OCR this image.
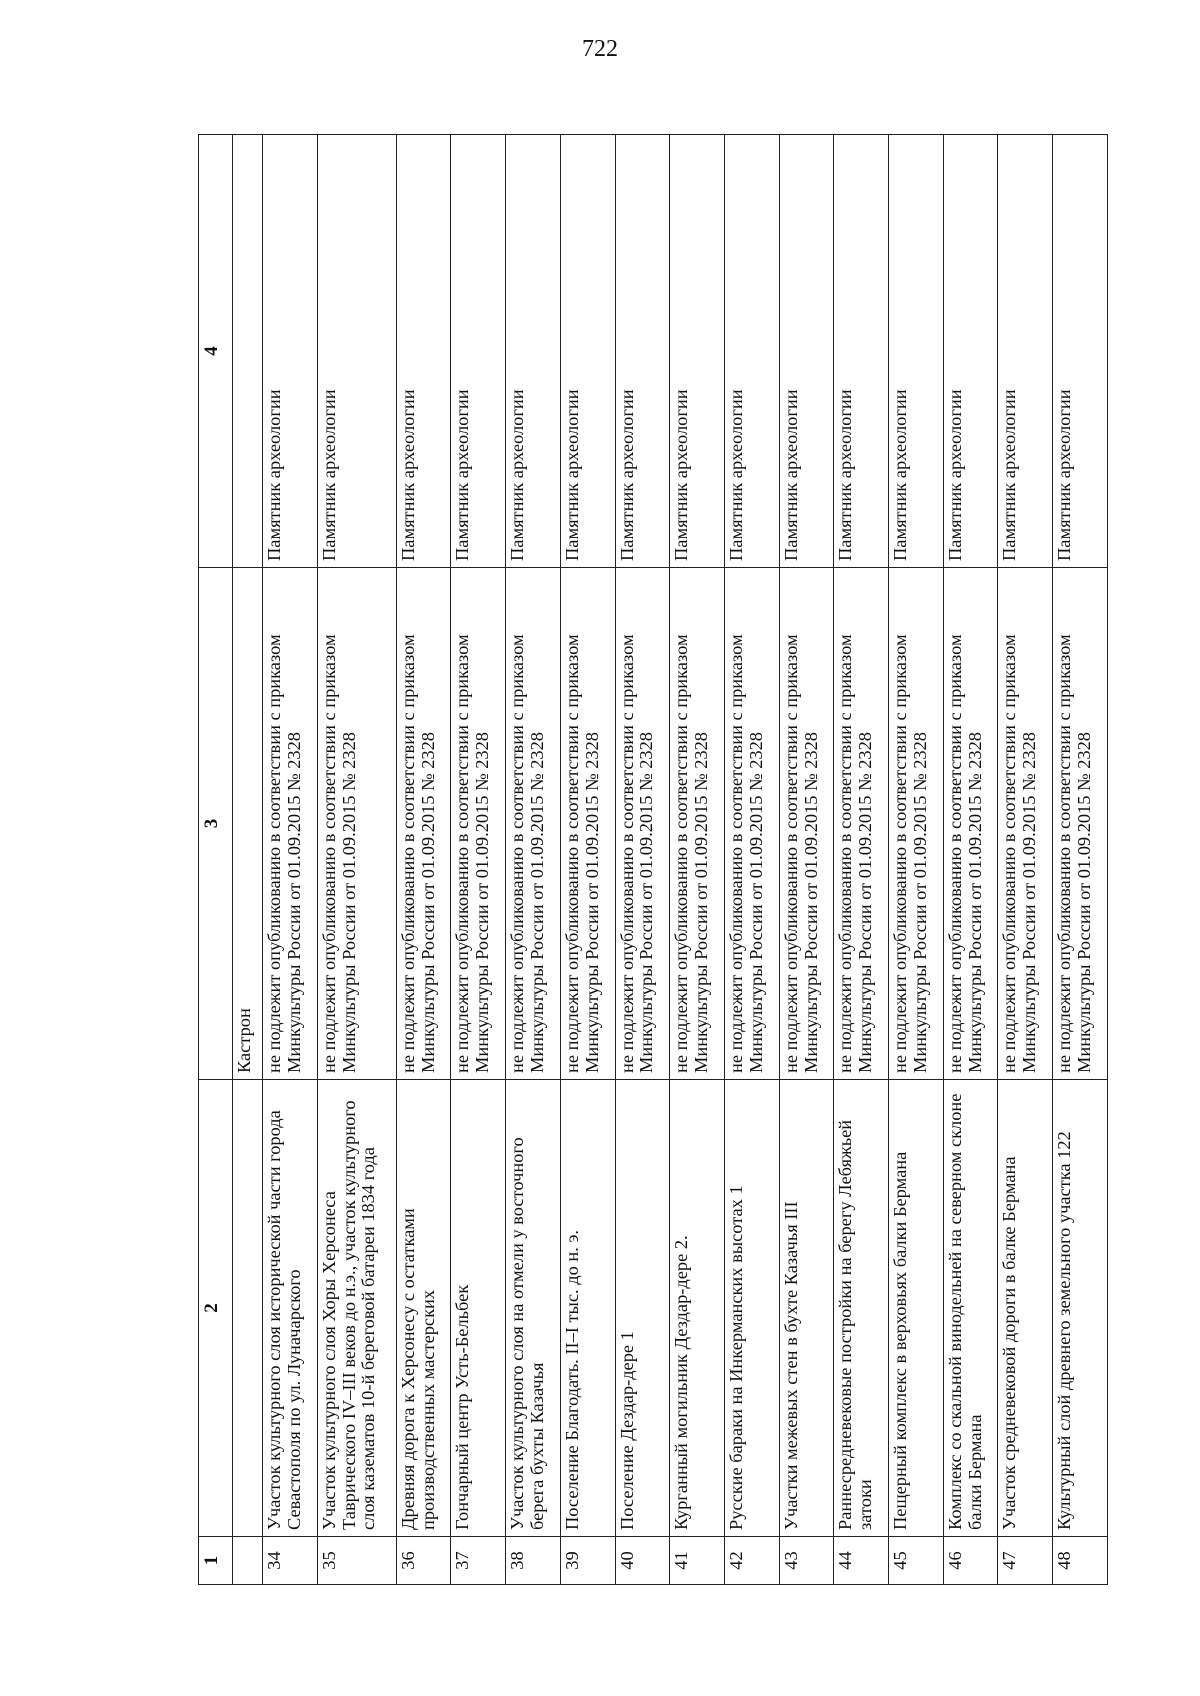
722
1	2	3	4
		Кастрон	
34	Участок культурного слоя исторической части города Севастополя по ул. Луначарского	не подлежит опубликованию в соответствии с приказом Минкультуры России от 01.09.2015 № 2328	Памятник археологии
35	Участок культурного слоя Хоры Херсонеса Таврического IV–III веков до н.э., участок культурного слоя казематов 10-й береговой батареи 1834 года	не подлежит опубликованию в соответствии с приказом Минкультуры России от 01.09.2015 № 2328	Памятник археологии
36	Древняя дорога к Херсонесу с остатками производственных мастерских	не подлежит опубликованию в соответствии с приказом Минкультуры России от 01.09.2015 № 2328	Памятник археологии
37	Гончарный центр Усть-Бельбек	не подлежит опубликованию в соответствии с приказом Минкультуры России от 01.09.2015 № 2328	Памятник археологии
38	Участок культурного слоя на отмели у восточного берега бухты Казачья	не подлежит опубликованию в соответствии с приказом Минкультуры России от 01.09.2015 № 2328	Памятник археологии
39	Поселение Благодать. II–I тыс. до н. э.	не подлежит опубликованию в соответствии с приказом Минкультуры России от 01.09.2015 № 2328	Памятник археологии
40	Поселение Дездар-дере 1	не подлежит опубликованию в соответствии с приказом Минкультуры России от 01.09.2015 № 2328	Памятник археологии
41	Курганный могильник Дездар-дере 2.	не подлежит опубликованию в соответствии с приказом Минкультуры России от 01.09.2015 № 2328	Памятник археологии
42	Русские бараки на Инкерманских высотах 1	не подлежит опубликованию в соответствии с приказом Минкультуры России от 01.09.2015 № 2328	Памятник археологии
43	Участки межевых стен в бухте Казачья III	не подлежит опубликованию в соответствии с приказом Минкультуры России от 01.09.2015 № 2328	Памятник археологии
44	Раннесредневековые постройки на берегу Лебяжьей затоки	не подлежит опубликованию в соответствии с приказом Минкультуры России от 01.09.2015 № 2328	Памятник археологии
45	Пещерный комплекс в верховьях балки Бермана	не подлежит опубликованию в соответствии с приказом Минкультуры России от 01.09.2015 № 2328	Памятник археологии
46	Комплекс со скальной винодельней на северном склоне балки Бермана	не подлежит опубликованию в соответствии с приказом Минкультуры России от 01.09.2015 № 2328	Памятник археологии
47	Участок средневековой дороги в балке Бермана	не подлежит опубликованию в соответствии с приказом Минкультуры России от 01.09.2015 № 2328	Памятник археологии
48	Культурный слой древнего земельного участка 122	не подлежит опубликованию в соответствии с приказом Минкультуры России от 01.09.2015 № 2328	Памятник археологии
